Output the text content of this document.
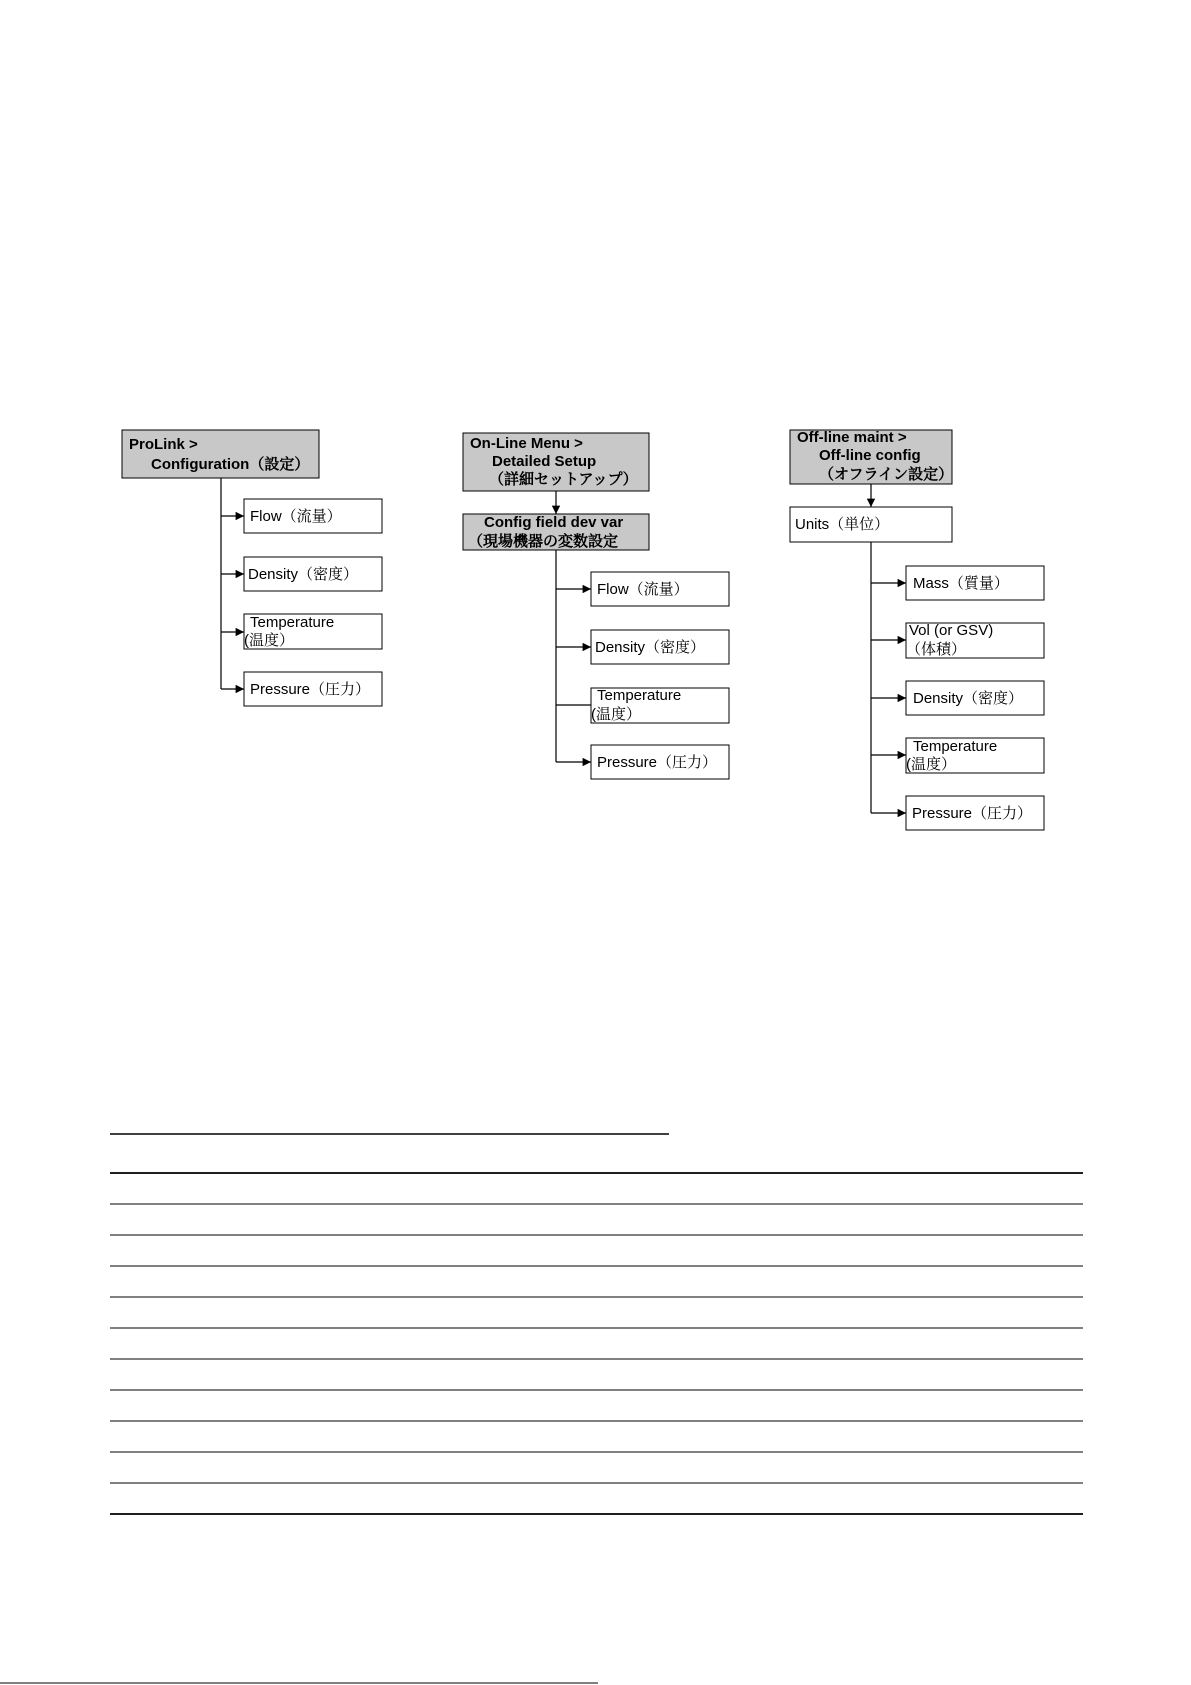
ProLink >
Configuration（設定）
Flow（流量）
Density（密度）
Temperature
(温度）
Pressure（圧力）
On-Line Menu >
Detailed Setup
（詳細セットアップ）
Config field dev var
（現場機器の変数設定
Flow（流量）
Density（密度）
Temperature
(温度）
Pressure（圧力）
Off-line maint >
Off-line config
（オフライン設定）
Units（単位）
Mass（質量）
Vol (or GSV)
（体積）
Density（密度）
Temperature
(温度）
Pressure（圧力）
